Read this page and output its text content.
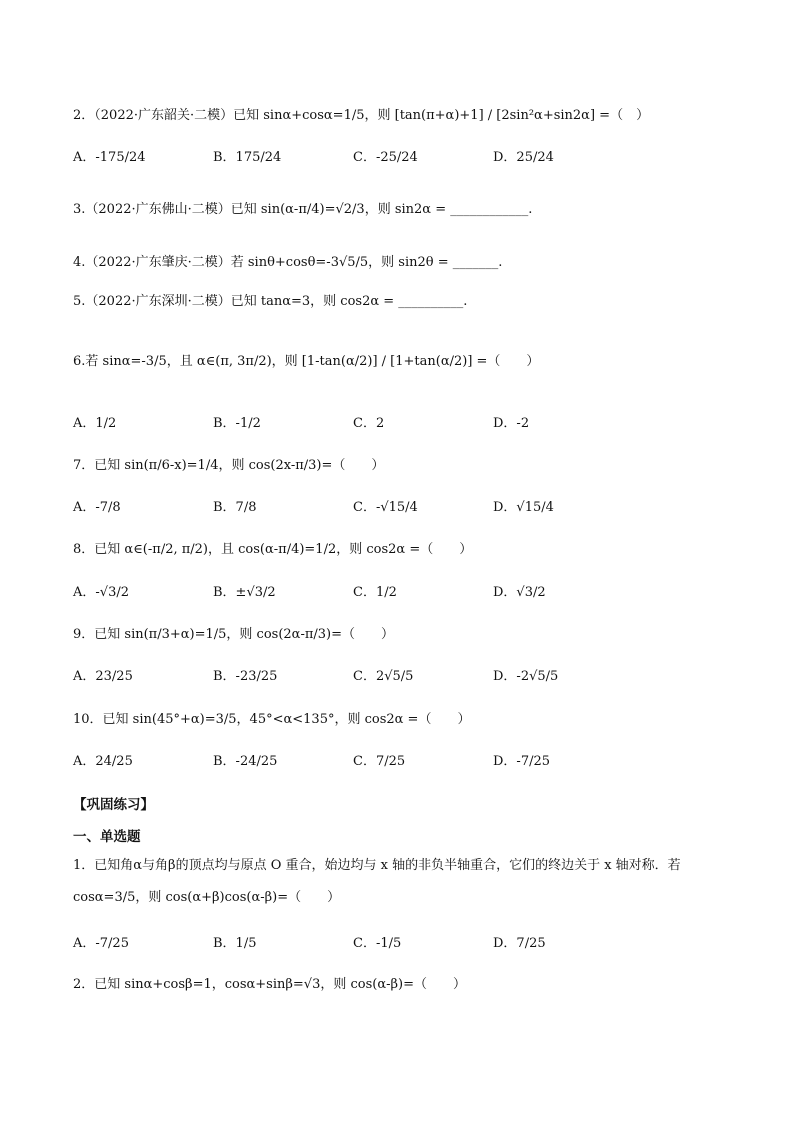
2．（2022·广东韶关·二模）已知 sinα+cosα=1/5，则 [tan(π+α)+1] / [2sin²α+sin2α] =（　）
A．-175/24	B．175/24	C．-25/24	D．25/24
3.（2022·广东佛山·二模）已知 sin(α-π/4)=√2/3，则 sin2α = ____________.
4.（2022·广东肇庆·二模）若 sinθ+cosθ=-3√5/5，则 sin2θ = _______.
5.（2022·广东深圳·二模）已知 tanα=3，则 cos2α = __________.
6.若 sinα=-3/5，且 α∈(π, 3π/2)，则 [1-tan(α/2)] / [1+tan(α/2)] =（　　）
A．1/2	B．-1/2	C．2	D．-2
7．已知 sin(π/6-x)=1/4，则 cos(2x-π/3)=（　　）
A．-7/8	B．7/8	C．-√15/4	D．√15/4
8．已知 α∈(-π/2, π/2)，且 cos(α-π/4)=1/2，则 cos2α =（　　）
A．-√3/2	B．±√3/2	C．1/2	D．√3/2
9．已知 sin(π/3+α)=1/5，则 cos(2α-π/3)=（　　）
A．23/25	B．-23/25	C．2√5/5	D．-2√5/5
10．已知 sin(45°+α)=3/5，45°<α<135°，则 cos2α =（　　）
A．24/25	B．-24/25	C．7/25	D．-7/25
【巩固练习】
一、单选题
1．已知角α与角β的顶点均与原点 O 重合，始边均与 x 轴的非负半轴重合，它们的终边关于 x 轴对称．若
cosα=3/5，则 cos(α+β)cos(α-β)=（　　）
A．-7/25	B．1/5	C．-1/5	D．7/25
2．已知 sinα+cosβ=1，cosα+sinβ=√3，则 cos(α-β)=（　　）
